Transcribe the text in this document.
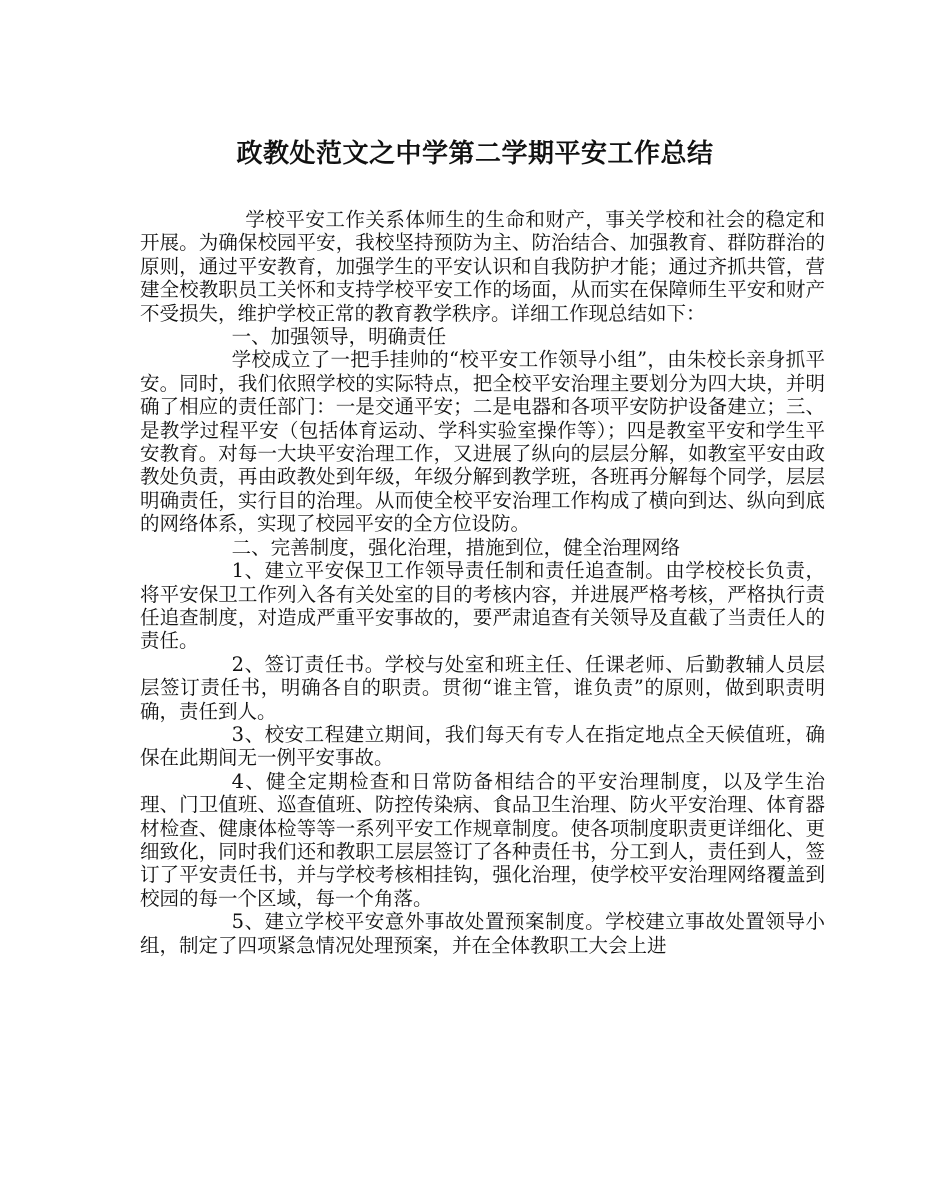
政教处范文之中学第二学期平安工作总结

学校平安工作关系体师生的生命和财产，事关学校和社会的稳定和开展。为确保校园平安，我校坚持预防为主、防治结合、加强教育、群防群治的原则，通过平安教育，加强学生的平安认识和自我防护才能；通过齐抓共管，营建全校教职员工关怀和支持学校平安工作的场面，从而实在保障师生平安和财产不受损失，维护学校正常的教育教学秩序。详细工作现总结如下：

一、加强领导，明确责任

学校成立了一把手挂帅的“校平安工作领导小组”，由朱校长亲身抓平安。同时，我们依照学校的实际特点，把全校平安治理主要划分为四大块，并明确了相应的责任部门：一是交通平安；二是电器和各项平安防护设备建立；三、是教学过程平安（包括体育运动、学科实验室操作等）；四是教室平安和学生平安教育。对每一大块平安治理工作，又进展了纵向的层层分解，如教室平安由政教处负责，再由政教处到年级，年级分解到教学班，各班再分解每个同学，层层明确责任，实行目的治理。从而使全校平安治理工作构成了横向到达、纵向到底的网络体系，实现了校园平安的全方位设防。

二、完善制度，强化治理，措施到位，健全治理网络

1、建立平安保卫工作领导责任制和责任追查制。由学校校长负责，将平安保卫工作列入各有关处室的目的考核内容，并进展严格考核，严格执行责任追查制度，对造成严重平安事故的，要严肃追查有关领导及直截了当责任人的责任。

2、签订责任书。学校与处室和班主任、任课老师、后勤教辅人员层层签订责任书，明确各自的职责。贯彻“谁主管，谁负责”的原则，做到职责明确，责任到人。

3、校安工程建立期间，我们每天有专人在指定地点全天候值班，确保在此期间无一例平安事故。

4、健全定期检查和日常防备相结合的平安治理制度，以及学生治理、门卫值班、巡查值班、防控传染病、食品卫生治理、防火平安治理、体育器材检查、健康体检等等一系列平安工作规章制度。使各项制度职责更详细化、更细致化，同时我们还和教职工层层签订了各种责任书，分工到人，责任到人，签订了平安责任书，并与学校考核相挂钩，强化治理，使学校平安治理网络覆盖到校园的每一个区域，每一个角落。

5、建立学校平安意外事故处置预案制度。学校建立事故处置领导小组，制定了四项紧急情况处理预案，并在全体教职工大会上进
